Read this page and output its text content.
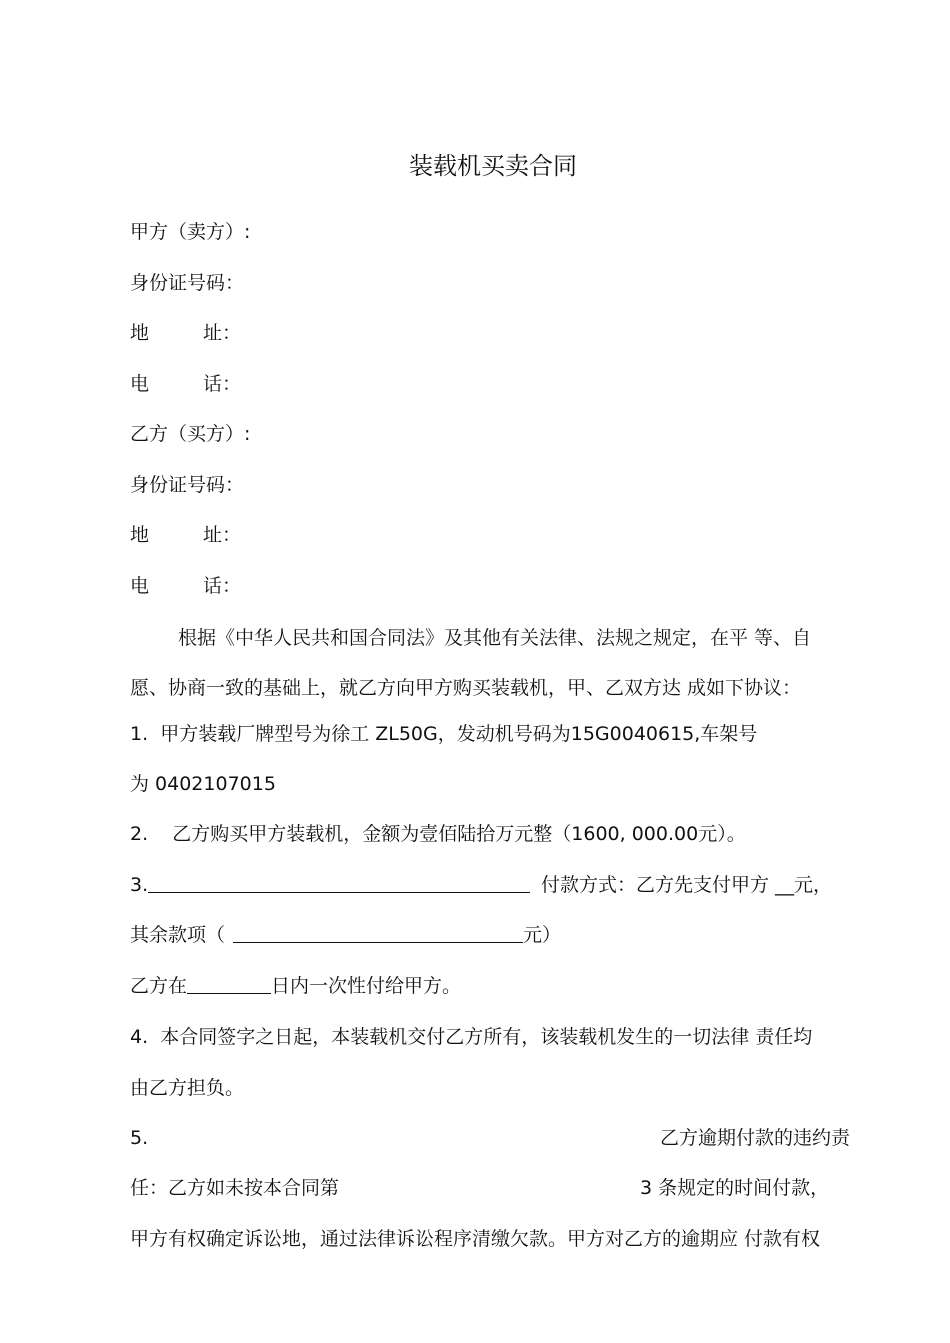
装载机买卖合同
甲方（卖方）:
身份证号码：
地	址：
电	话：
乙方（买方）:
身份证号码：
地	址：
电	话：
根据《中华人民共和国合同法》及其他有关法律、法规之规定，在平 等、自
愿、协商一致的基础上，就乙方向甲方购买装载机，甲、乙双方达 成如下协议：
1.  甲方装载厂牌型号为徐工 ZL50G，发动机号码为15G0040615,车架号
为 0402107015
2.    乙方购买甲方装载机，金额为壹佰陆拾万元整（1600, 000.00元）。
3.	付款方式：乙方先支付甲方 __元，
其余款项（	元）
乙方在	日内一次性付给甲方。
4.  本合同签字之日起，本装载机交付乙方所有，该装载机发生的一切法律 责任均
由乙方担负。
5.	乙方逾期付款的违约责
任：乙方如未按本合同第	3 条规定的时间付款，
甲方有权确定诉讼地，通过法律诉讼程序清缴欠款。甲方对乙方的逾期应 付款有权
